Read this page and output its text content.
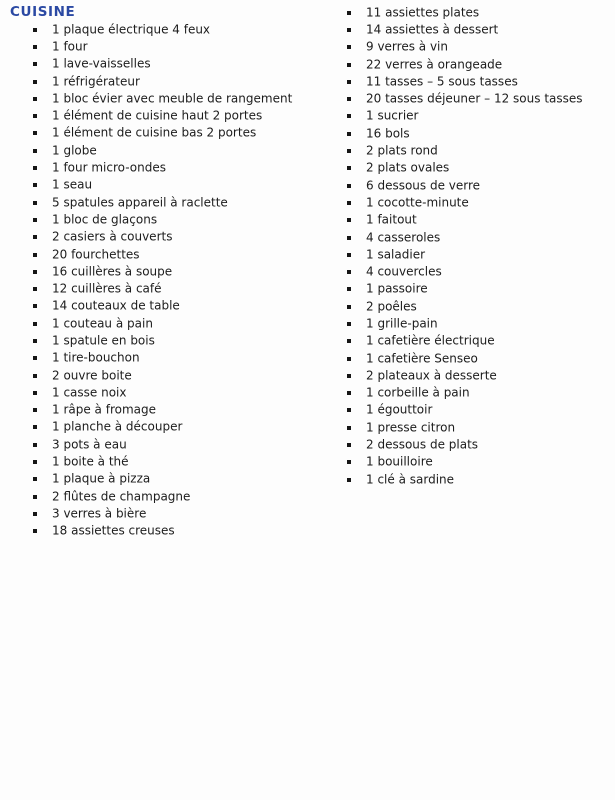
CUISINE
1 plaque électrique 4 feux
1 four
1 lave-vaisselles
1 réfrigérateur
1 bloc évier avec meuble de rangement
1 élément de cuisine haut 2 portes
1 élément de cuisine bas 2 portes
1 globe
1 four micro-ondes
1 seau
5 spatules appareil à raclette
1 bloc de glaçons
2 casiers à couverts
20 fourchettes
16 cuillères à soupe
12 cuillères à café
14 couteaux de table
1 couteau à pain
1 spatule en bois
1 tire-bouchon
2 ouvre boite
1 casse noix
1 râpe à fromage
1 planche à découper
3 pots à eau
1 boite à thé
1 plaque à pizza
2 flûtes de champagne
3 verres à bière
18 assiettes creuses
11 assiettes plates
14 assiettes à dessert
9 verres à vin
22 verres à orangeade
11 tasses – 5 sous tasses
20 tasses déjeuner – 12 sous tasses
1 sucrier
16 bols
2 plats rond
2 plats ovales
6 dessous de verre
1 cocotte-minute
1 faitout
4 casseroles
1 saladier
4 couvercles
1 passoire
2 poêles
1 grille-pain
1 cafetière électrique
1 cafetière Senseo
2 plateaux à desserte
1 corbeille à pain
1 égouttoir
1 presse citron
2 dessous de plats
1 bouilloire
1 clé à sardine
